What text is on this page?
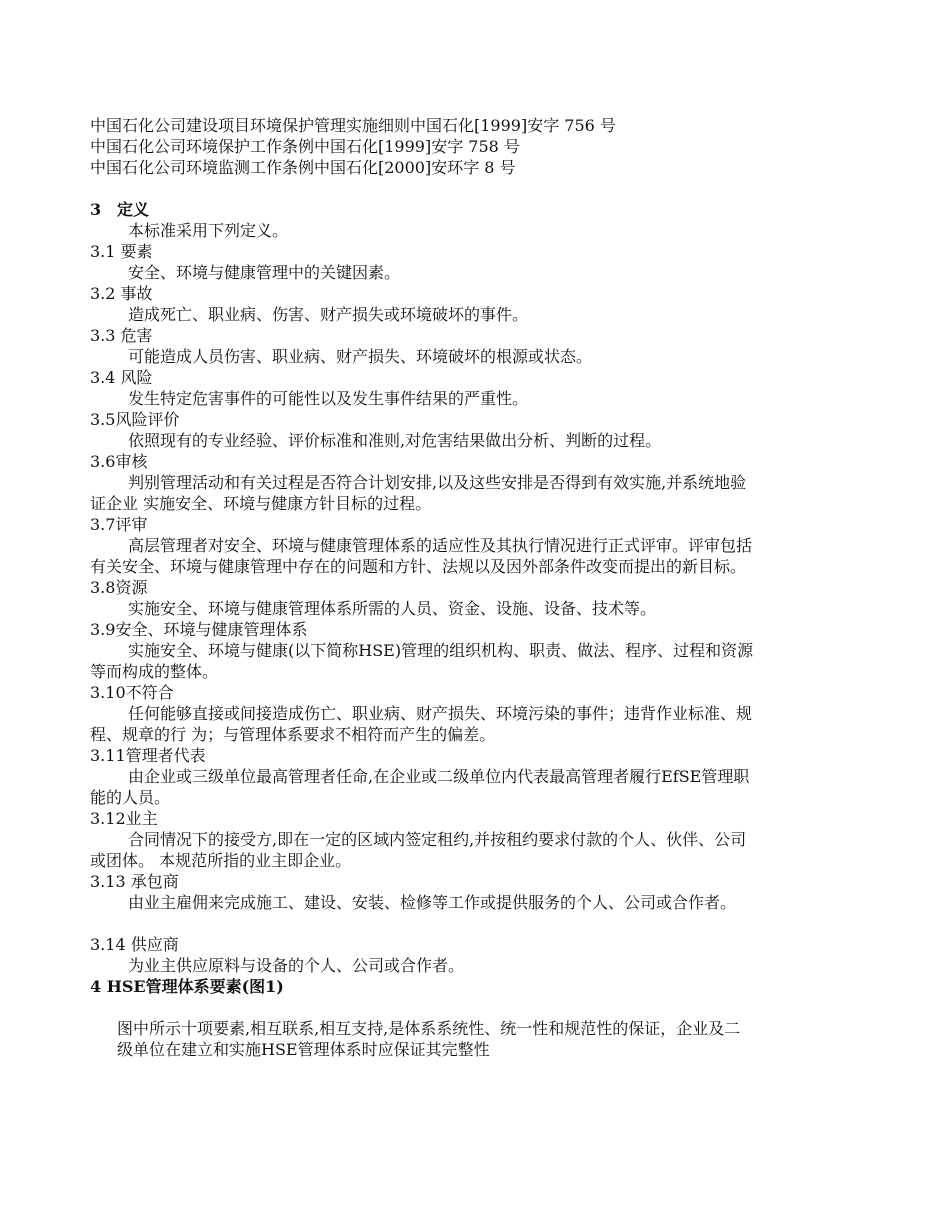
中国石化公司建设项目环境保护管理实施细则中国石化[1999]安字 756 号
中国石化公司环境保护工作条例中国石化[1999]安字 758 号
中国石化公司环境监测工作条例中国石化[2000]安环字 8 号
3 定义
本标准采用下列定义。
3.1 要素
安全、环境与健康管理中的关键因素。
3.2 事故
造成死亡、职业病、伤害、财产损失或环境破坏的事件。
3.3 危害
可能造成人员伤害、职业病、财产损失、环境破坏的根源或状态。
3.4 风险
发生特定危害事件的可能性以及发生事件结果的严重性。
3.5风险评价
依照现有的专业经验、评价标准和准则,对危害结果做出分析、判断的过程。
3.6审核
判别管理活动和有关过程是否符合计划安排,以及这些安排是否得到有效实施,并系统地验
证企业 实施安全、环境与健康方针目标的过程。
3.7评审
高层管理者对安全、环境与健康管理体系的适应性及其执行情况进行正式评审。评审包括
有关安全、环境与健康管理中存在的问题和方针、法规以及因外部条件改变而提出的新目标。
3.8资源
实施安全、环境与健康管理体系所需的人员、资金、设施、设备、技术等。
3.9安全、环境与健康管理体系
实施安全、环境与健康(以下简称HSE)管理的组织机构、职责、做法、程序、过程和资源
等而构成的整体。
3.10不符合
任何能够直接或间接造成伤亡、职业病、财产损失、环境污染的事件；违背作业标准、规
程、规章的行 为；与管理体系要求不相符而产生的偏差。
3.11管理者代表
由企业或三级单位最高管理者任命,在企业或二级单位内代表最高管理者履行EfSE管理职
能的人员。
3.12业主
合同情况下的接受方,即在一定的区域内签定租约,并按租约要求付款的个人、伙伴、公司
或团体。 本规范所指的业主即企业。
3.13 承包商
由业主雇佣来完成施工、建设、安装、检修等工作或提供服务的个人、公司或合作者。
3.14 供应商
为业主供应原料与设备的个人、公司或合作者。
4 HSE管理体系要素(图1)
图中所示十项要素,相互联系,相互支持,是体系系统性、统一性和规范性的保证，企业及二
级单位在建立和实施HSE管理体系时应保证其完整性
